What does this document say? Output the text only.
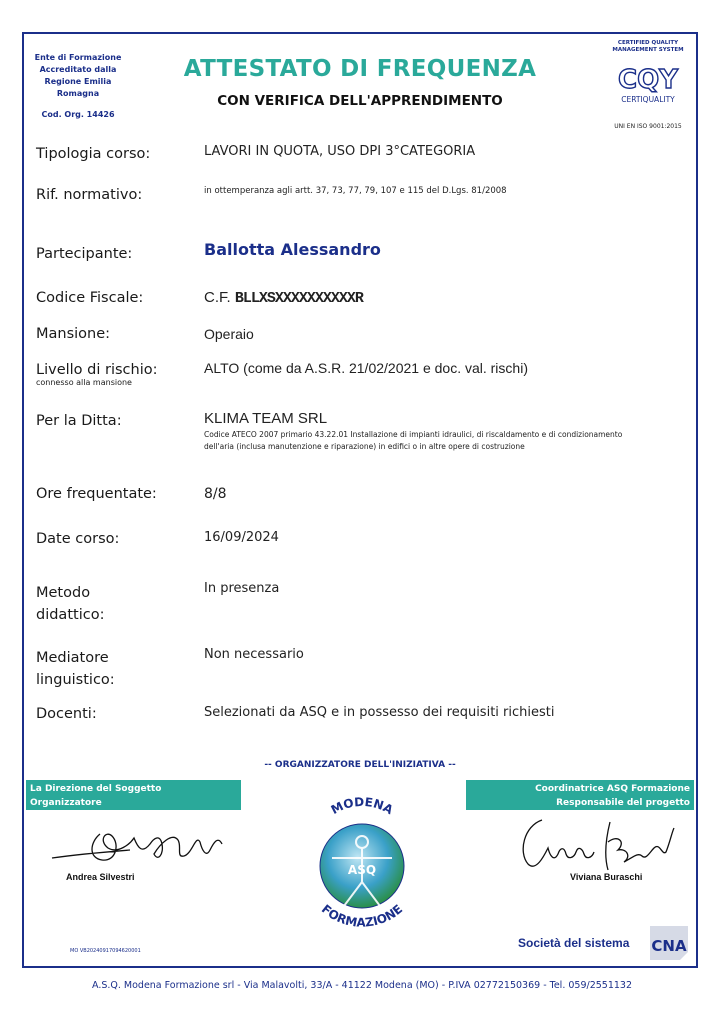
Ente di Formazione
Accreditato dalla
Regione Emilia
Romagna
Cod. Org. 14426
ATTESTATO DI FREQUENZA
CON VERIFICA DELL'APPRENDIMENTO
CERTIFIED QUALITY
MANAGEMENT SYSTEM
CQY
CERTIQUALITY
UNI EN ISO 9001:2015
Tipologia corso:	LAVORI IN QUOTA, USO DPI 3°CATEGORIA
Rif. normativo:	in ottemperanza agli artt. 37, 73, 77, 79, 107 e 115 del D.Lgs. 81/2008
Partecipante:	Ballotta Alessandro
Codice Fiscale:	C.F. BLLXSXXXXXXXXXXR
Mansione:	Operaio
Livello di rischio:
connesso alla mansione
ALTO (come da A.S.R. 21/02/2021 e doc. val. rischi)
Per la Ditta:	KLIMA TEAM SRL
Codice ATECO 2007 primario 43.22.01 Installazione di impianti idraulici, di riscaldamento e di condizionamento dell'aria (inclusa manutenzione e riparazione) in edifici o in altre opere di costruzione
Ore frequentate:	8/8
Date corso:	16/09/2024
Metodo
didattico:
In presenza
Mediatore
linguistico:
Non necessario
Docenti:	Selezionati da ASQ e in possesso dei requisiti richiesti
-- ORGANIZZATORE DELL'INIZIATIVA --
La Direzione del Soggetto
Organizzatore
Coordinatrice ASQ Formazione
Responsabile del progetto
Andrea Silvestri	Viviana Buraschi
MODENA
ASQ
FORMAZIONE
MO VB20240917094620001
Società del sistema CNA
A.S.Q. Modena Formazione srl - Via Malavolti, 33/A - 41122 Modena (MO) - P.IVA 02772150369 - Tel. 059/2551132
